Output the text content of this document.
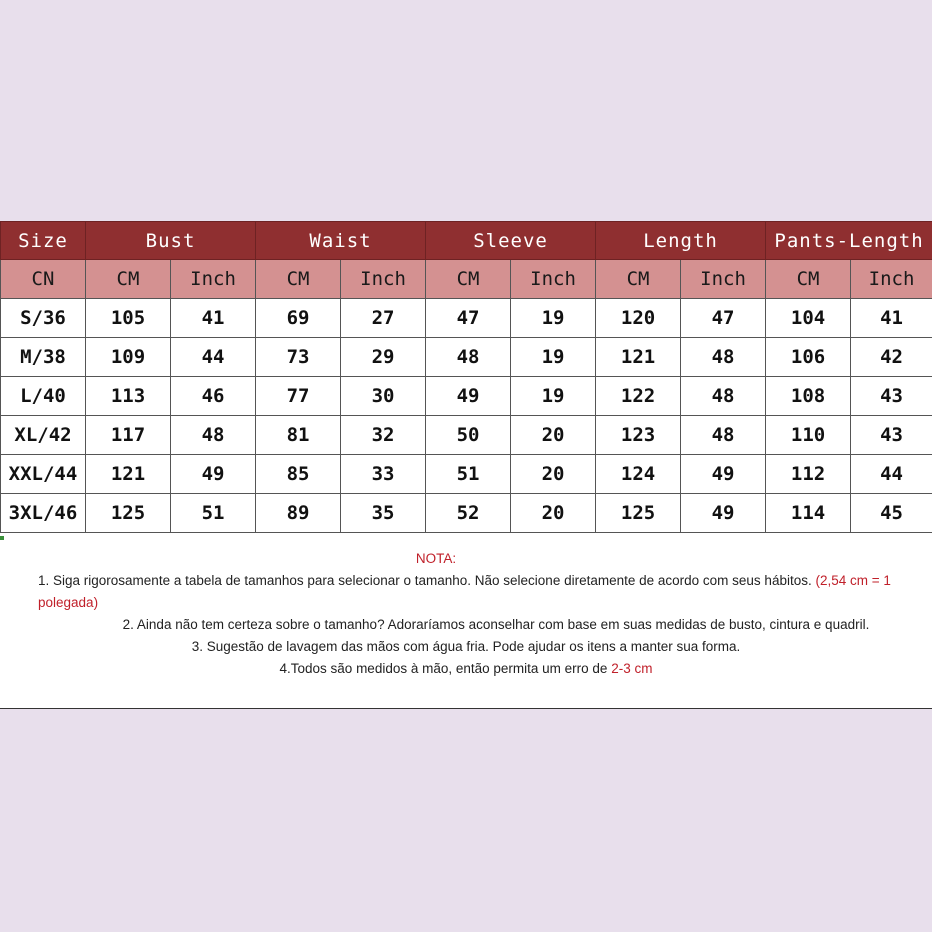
Size	Bust		Waist		Sleeve		Length		Pants-Length	
CN	CM	Inch	CM	Inch	CM	Inch	CM	Inch	CM	Inch
S/36	105	41	69	27	47	19	120	47	104	41
M/38	109	44	73	29	48	19	121	48	106	42
L/40	113	46	77	30	49	19	122	48	108	43
XL/42	117	48	81	32	50	20	123	48	110	43
XXL/44	121	49	85	33	51	20	124	49	112	44
3XL/46	125	51	89	35	52	20	125	49	114	45
NOTA:
1. Siga rigorosamente a tabela de tamanhos para selecionar o tamanho. Não selecione diretamente de acordo com seus hábitos. (2,54 cm = 1 polegada)
2. Ainda não tem certeza sobre o tamanho? Adoraríamos aconselhar com base em suas medidas de busto, cintura e quadril.
3. Sugestão de lavagem das mãos com água fria. Pode ajudar os itens a manter sua forma.
4.Todos são medidos à mão, então permita um erro de 2-3 cm
